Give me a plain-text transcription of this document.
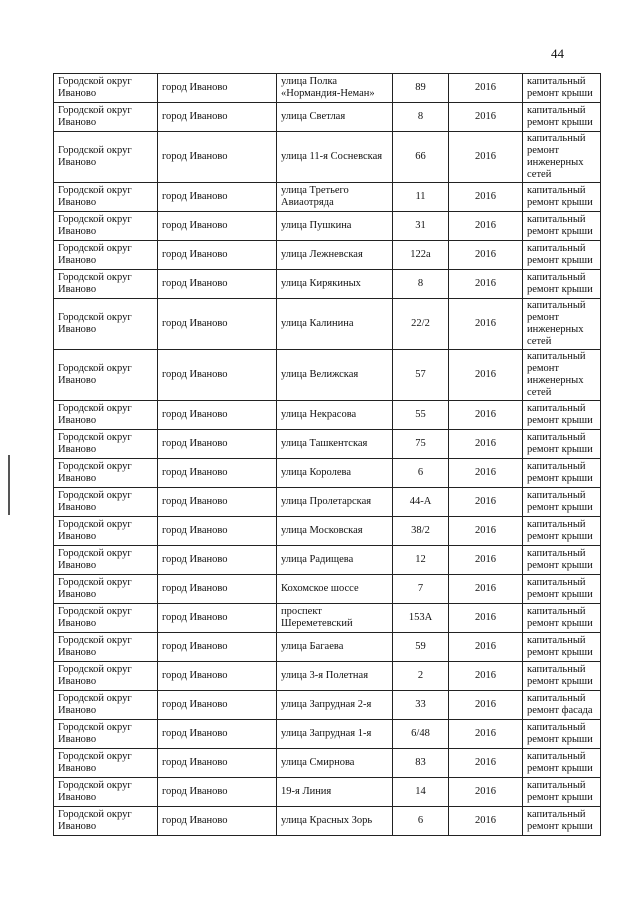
44
Городской округ Иваново	город Иваново	улица Полка «Нормандия-Неман»	89	2016	капитальный ремонт крыши
Городской округ Иваново	город Иваново	улица Светлая	8	2016	капитальный ремонт крыши
Городской округ Иваново	город Иваново	улица 11-я Сосневская	66	2016	капитальный ремонт инженерных сетей
Городской округ Иваново	город Иваново	улица Третьего Авиаотряда	11	2016	капитальный ремонт крыши
Городской округ Иваново	город Иваново	улица Пушкина	31	2016	капитальный ремонт крыши
Городской округ Иваново	город Иваново	улица Лежневская	122а	2016	капитальный ремонт крыши
Городской округ Иваново	город Иваново	улица Кирякиных	8	2016	капитальный ремонт крыши
Городской округ Иваново	город Иваново	улица Калинина	22/2	2016	капитальный ремонт инженерных сетей
Городской округ Иваново	город Иваново	улица Велижская	57	2016	капитальный ремонт инженерных сетей
Городской округ Иваново	город Иваново	улица Некрасова	55	2016	капитальный ремонт крыши
Городской округ Иваново	город Иваново	улица Ташкентская	75	2016	капитальный ремонт крыши
Городской округ Иваново	город Иваново	улица Королева	6	2016	капитальный ремонт крыши
Городской округ Иваново	город Иваново	улица Пролетарская	44-А	2016	капитальный ремонт крыши
Городской округ Иваново	город Иваново	улица Московская	38/2	2016	капитальный ремонт крыши
Городской округ Иваново	город Иваново	улица Радищева	12	2016	капитальный ремонт крыши
Городской округ Иваново	город Иваново	Кохомское шоссе	7	2016	капитальный ремонт крыши
Городской округ Иваново	город Иваново	проспект Шереметевский	153А	2016	капитальный ремонт крыши
Городской округ Иваново	город Иваново	улица Багаева	59	2016	капитальный ремонт крыши
Городской округ Иваново	город Иваново	улица 3-я Полетная	2	2016	капитальный ремонт крыши
Городской округ Иваново	город Иваново	улица Запрудная 2-я	33	2016	капитальный ремонт фасада
Городской округ Иваново	город Иваново	улица Запрудная 1-я	6/48	2016	капитальный ремонт крыши
Городской округ Иваново	город Иваново	улица Смирнова	83	2016	капитальный ремонт крыши
Городской округ Иваново	город Иваново	19-я Линия	14	2016	капитальный ремонт крыши
Городской округ Иваново	город Иваново	улица Красных Зорь	6	2016	капитальный ремонт крыши
